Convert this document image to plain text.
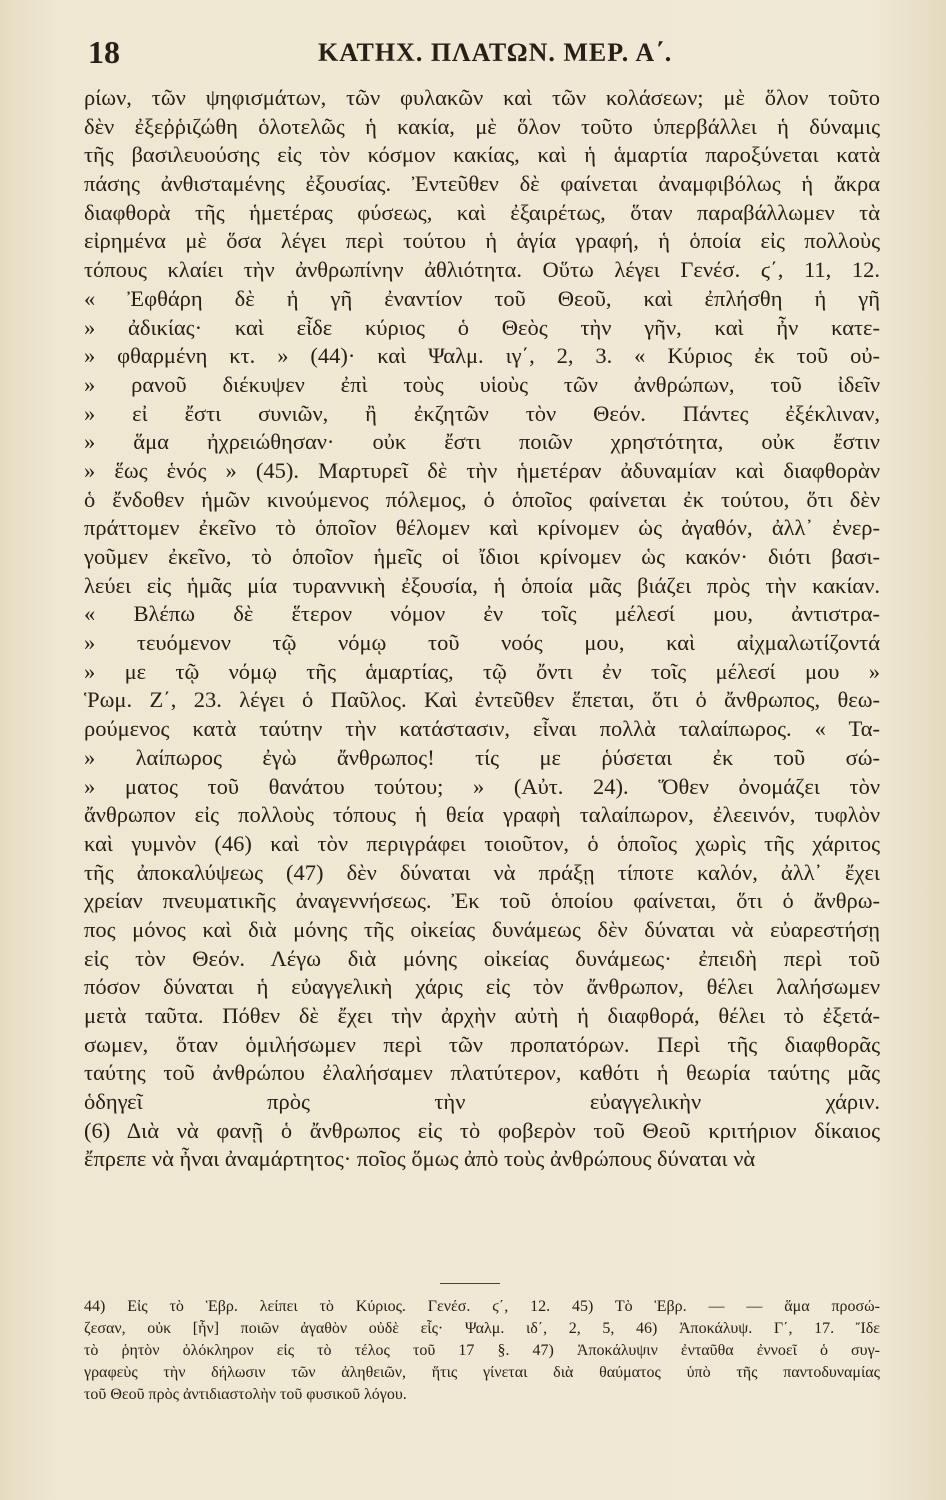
18	ΚΑΤΗΧ. ΠΛΑΤΩΝ. ΜΕΡ. Α΄.
ρίων, τῶν ψηφισμάτων, τῶν φυλακῶν καὶ τῶν κολάσεων; μὲ ὅλον τοῦτο
δὲν ἐξεῤῥιζώθη ὁλοτελῶς ἡ κακία, μὲ ὅλον τοῦτο ὑπερβάλλει ἡ δύναμις
τῆς βασιλευούσης εἰς τὸν κόσμον κακίας, καὶ ἡ ἁμαρτία παροξύνεται κατὰ
πάσης ἀνθισταμένης ἐξουσίας. Ἐντεῦθεν δὲ φαίνεται ἀναμφιβόλως ἡ ἄκρα
διαφθορὰ τῆς ἡμετέρας φύσεως, καὶ ἐξαιρέτως, ὅταν παραβάλλωμεν τὰ
εἰρημένα μὲ ὅσα λέγει περὶ τούτου ἡ ἁγία γραφή, ἡ ὁποία εἰς πολλοὺς
τόπους κλαίει τὴν ἀνθρωπίνην ἀθλιότητα. Οὕτω λέγει Γενέσ. ϛ΄, 11, 12.
« Ἐφθάρη δὲ ἡ γῆ ἐναντίον τοῦ Θεοῦ, καὶ ἐπλήσθη ἡ γῆ
» ἀδικίας· καὶ εἶδε κύριος ὁ Θεὸς τὴν γῆν, καὶ ἦν κατε-
» φθαρμένη κτ. » (44)· καὶ Ψαλμ. ιγ΄, 2, 3. « Κύριος ἐκ τοῦ οὐ-
» ρανοῦ διέκυψεν ἐπὶ τοὺς υἱοὺς τῶν ἀνθρώπων, τοῦ ἰδεῖν
» εἰ ἔστι συνιῶν, ἢ ἐκζητῶν τὸν Θεόν. Πάντες ἐξέκλιναν,
» ἅμα ἠχρειώθησαν· οὐκ ἔστι ποιῶν χρηστότητα, οὐκ ἔστιν
» ἕως ἑνός » (45). Μαρτυρεῖ δὲ τὴν ἡμετέραν ἀδυναμίαν καὶ διαφθορὰν
ὁ ἔνδοθεν ἡμῶν κινούμενος πόλεμος, ὁ ὁποῖος φαίνεται ἐκ τούτου, ὅτι δὲν
πράττομεν ἐκεῖνο τὸ ὁποῖον θέλομεν καὶ κρίνομεν ὡς ἀγαθόν, ἀλλ᾿ ἐνερ-
γοῦμεν ἐκεῖνο, τὸ ὁποῖον ἡμεῖς οἱ ἴδιοι κρίνομεν ὡς κακόν· διότι βασι-
λεύει εἰς ἡμᾶς μία τυραννικὴ ἐξουσία, ἡ ὁποία μᾶς βιάζει πρὸς τὴν κακίαν.
« Βλέπω δὲ ἕτερον νόμον ἐν τοῖς μέλεσί μου, ἀντιστρα-
» τευόμενον τῷ νόμῳ τοῦ νοός μου, καὶ αἰχμαλωτίζοντά
» με τῷ νόμῳ τῆς ἁμαρτίας, τῷ ὄντι ἐν τοῖς μέλεσί μου »
Ῥωμ. Ζ΄, 23. λέγει ὁ Παῦλος. Καὶ ἐντεῦθεν ἕπεται, ὅτι ὁ ἄνθρωπος, θεω-
ρούμενος κατὰ ταύτην τὴν κατάστασιν, εἶναι πολλὰ ταλαίπωρος. « Τα-
» λαίπωρος ἐγὼ ἄνθρωπος! τίς με ῥύσεται ἐκ τοῦ σώ-
» ματος τοῦ θανάτου τούτου; » (Αὐτ. 24). Ὅθεν ὀνομάζει τὸν
ἄνθρωπον εἰς πολλοὺς τόπους ἡ θεία γραφὴ ταλαίπωρον, ἐλεεινόν, τυφλὸν
καὶ γυμνὸν (46) καὶ τὸν περιγράφει τοιοῦτον, ὁ ὁποῖος χωρὶς τῆς χάριτος
τῆς ἀποκαλύψεως (47) δὲν δύναται νὰ πράξῃ τίποτε καλόν, ἀλλ᾿ ἔχει
χρείαν πνευματικῆς ἀναγεννήσεως. Ἐκ τοῦ ὁποίου φαίνεται, ὅτι ὁ ἄνθρω-
πος μόνος καὶ διὰ μόνης τῆς οἰκείας δυνάμεως δὲν δύναται νὰ εὐαρεστήσῃ
εἰς τὸν Θεόν. Λέγω διὰ μόνης οἰκείας δυνάμεως· ἐπειδὴ περὶ τοῦ
πόσον δύναται ἡ εὐαγγελικὴ χάρις εἰς τὸν ἄνθρωπον, θέλει λαλήσωμεν
μετὰ ταῦτα. Πόθεν δὲ ἔχει τὴν ἀρχὴν αὐτὴ ἡ διαφθορά, θέλει τὸ ἐξετά-
σωμεν, ὅταν ὁμιλήσωμεν περὶ τῶν προπατόρων. Περὶ τῆς διαφθορᾶς
ταύτης τοῦ ἀνθρώπου ἐλαλήσαμεν πλατύτερον, καθότι ἡ θεωρία ταύτης μᾶς
ὁδηγεῖ πρὸς τὴν εὐαγγελικὴν χάριν.
(6) Διὰ νὰ φανῇ ὁ ἄνθρωπος εἰς τὸ φοβερὸν τοῦ Θεοῦ κριτήριον δίκαιος
ἔπρεπε νὰ ἦναι ἀναμάρτητος· ποῖος ὅμως ἀπὸ τοὺς ἀνθρώπους δύναται νὰ
44) Εἰς τὸ Ἑβρ. λείπει τὸ Κύριος. Γενέσ. ϛ΄, 12. 45) Τὸ Ἑβρ. — — ἅμα προσώ-
ζεσαν, οὐκ [ἦν] ποιῶν ἀγαθὸν οὐδὲ εἷς· Ψαλμ. ιδ΄, 2, 5, 46) Ἀποκάλυψ. Γ΄, 17. Ἴδε
τὸ ῥητὸν ὁλόκληρον εἰς τὸ τέλος τοῦ 17 §. 47) Ἀποκάλυψιν ἐνταῦθα ἐννοεῖ ὁ συγ-
γραφεὺς τὴν δήλωσιν τῶν ἀληθειῶν, ἥτις γίνεται διὰ θαύματος ὑπὸ τῆς παντοδυναμίας
τοῦ Θεοῦ πρὸς ἀντιδιαστολὴν τοῦ φυσικοῦ λόγου.
